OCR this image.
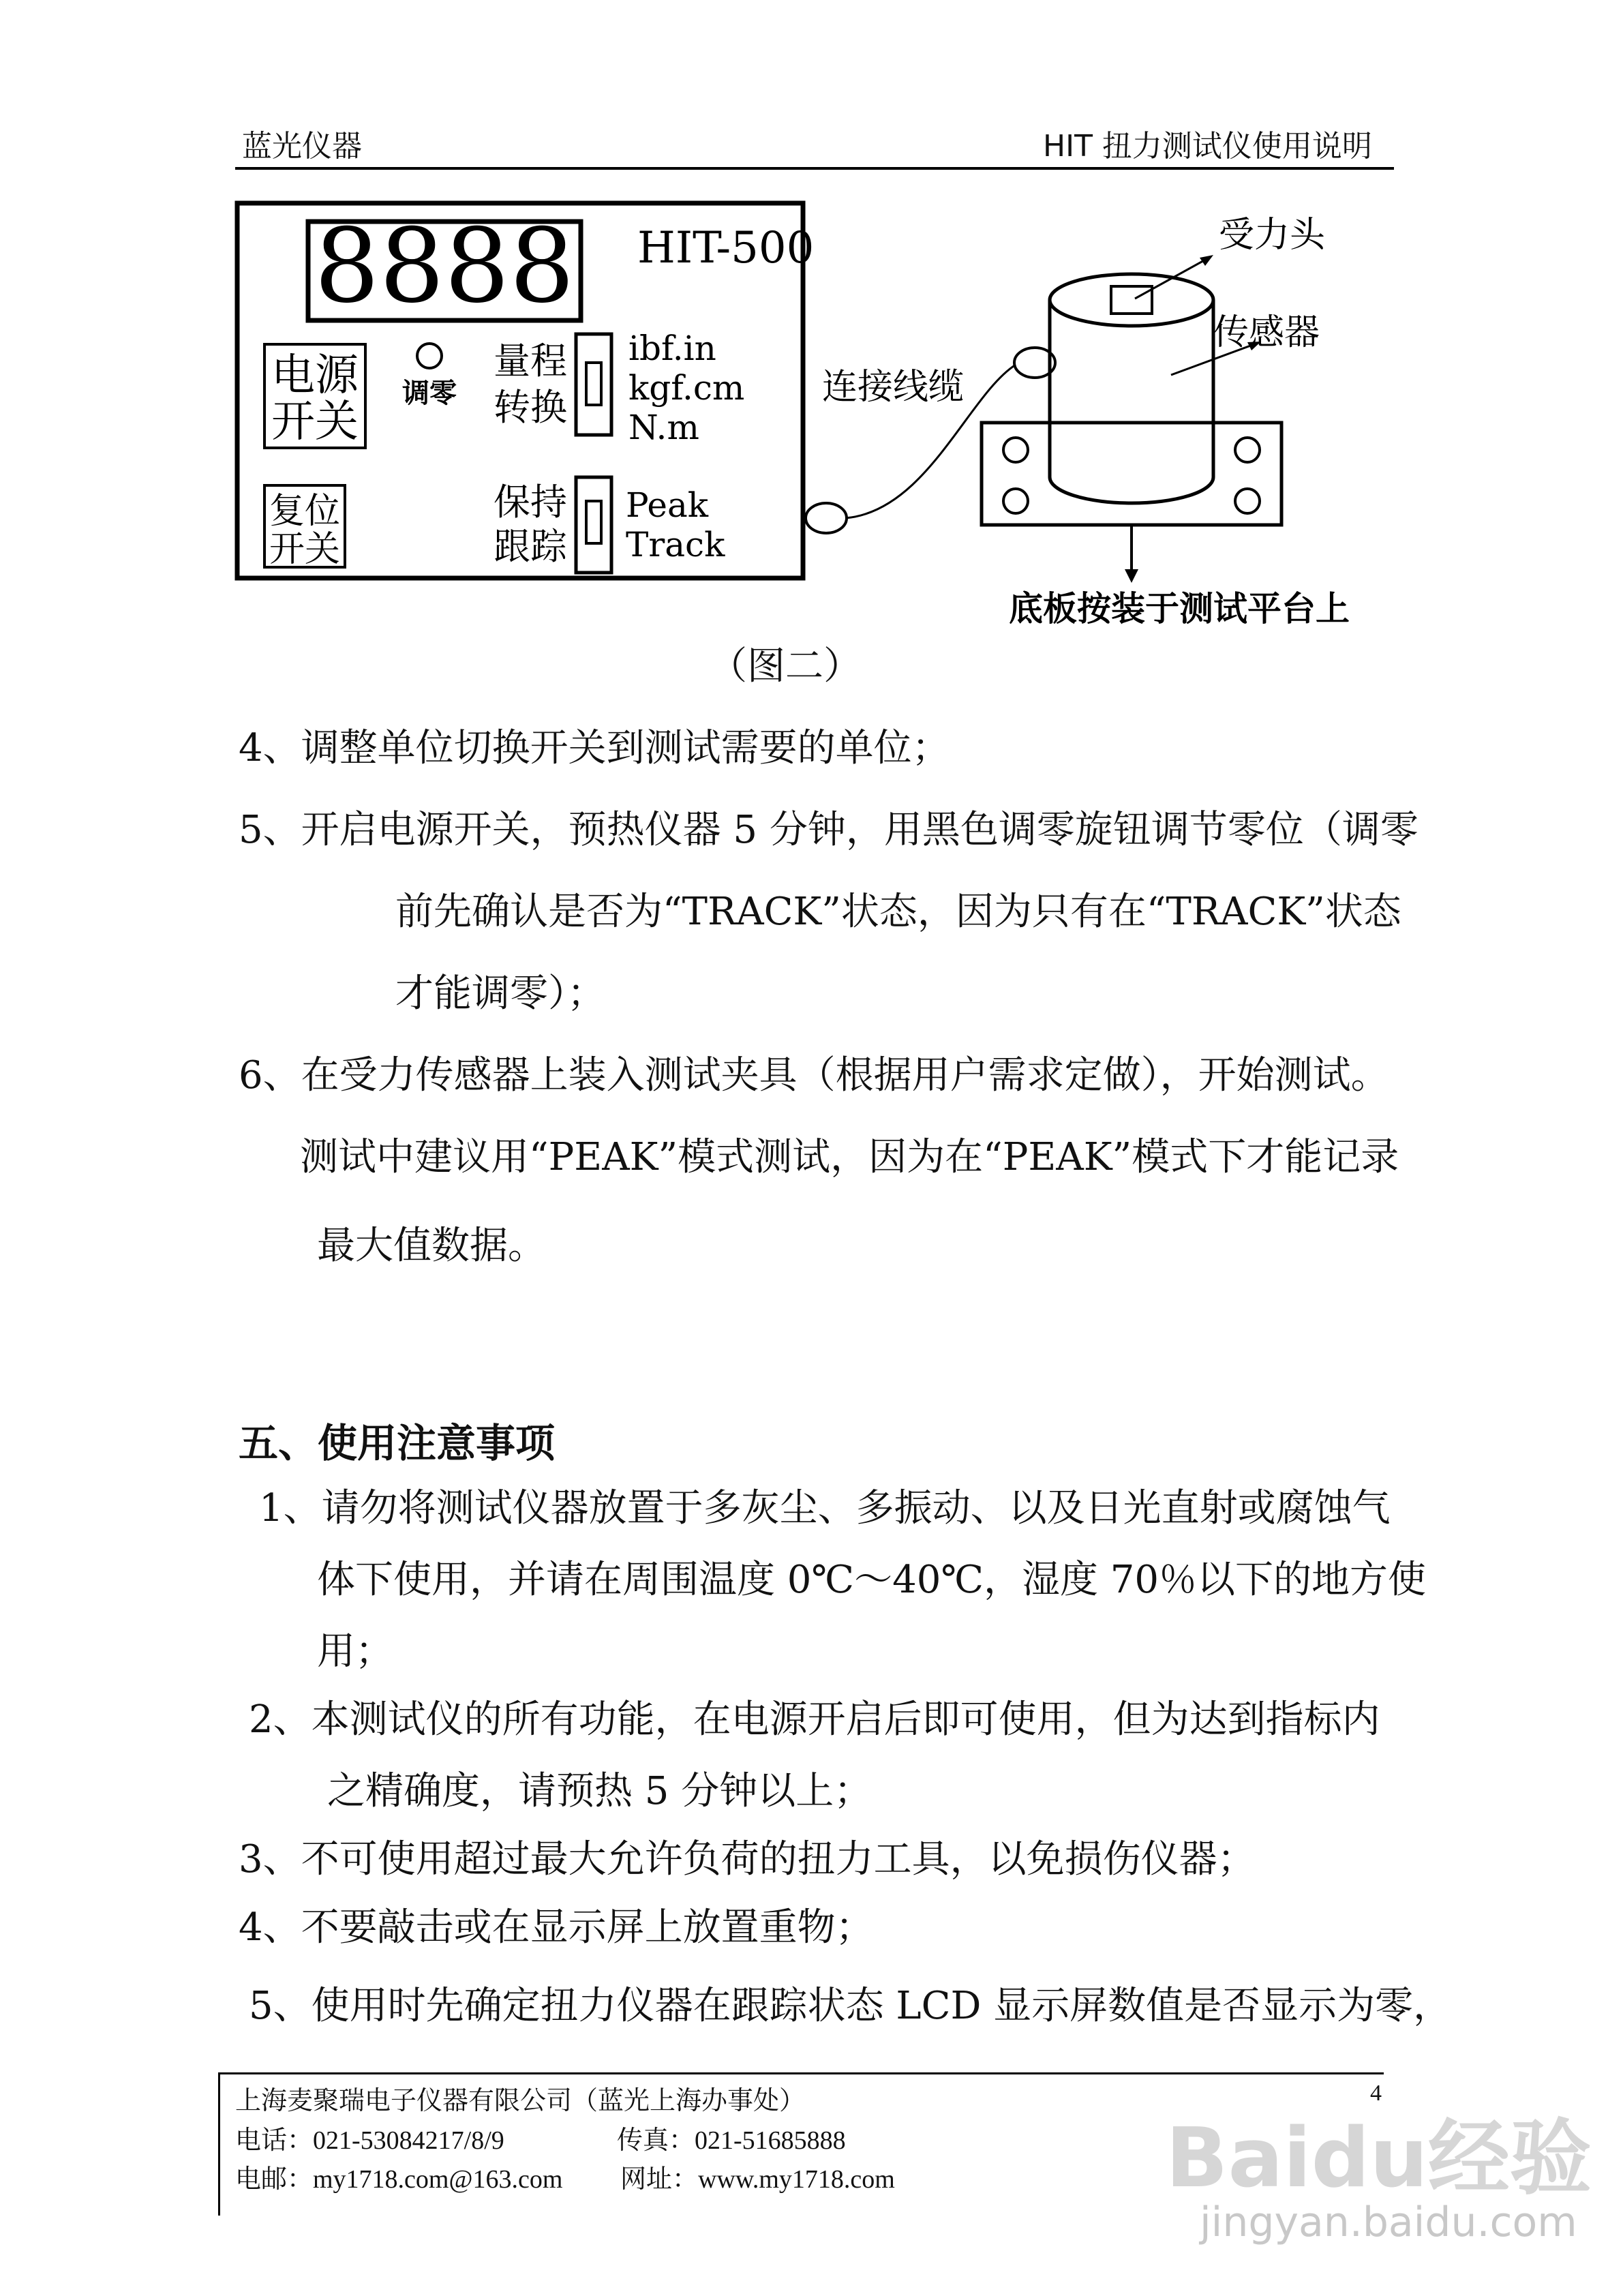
蓝光仪器	HIT 扭力测试仪使用说明
8888 HIT-500
电源
开关
调零
量程
转换
ibf.in
kgf.cm
N.m
复位
开关
保持
跟踪
Peak
Track
连接线缆
受力头
传感器
底板按装于测试平台上
（图二）
4、调整单位切换开关到测试需要的单位；
5、开启电源开关，预热仪器 5 分钟，用黑色调零旋钮调节零位（调零
前先确认是否为“TRACK”状态，因为只有在“TRACK”状态
才能调零）；
6、在受力传感器上装入测试夹具（根据用户需求定做），开始测试。
测试中建议用“PEAK”模式测试，因为在“PEAK”模式下才能记录
最大值数据。
五、使用注意事项
1、请勿将测试仪器放置于多灰尘、多振动、以及日光直射或腐蚀气
体下使用，并请在周围温度 0℃～40℃，湿度 70％以下的地方使
用；
2、本测试仪的所有功能，在电源开启后即可使用，但为达到指标内
之精确度，请预热 5 分钟以上；
3、不可使用超过最大允许负荷的扭力工具，以免损伤仪器；
4、不要敲击或在显示屏上放置重物；
5、使用时先确定扭力仪器在跟踪状态 LCD 显示屏数值是否显示为零，
上海麦聚瑞电子仪器有限公司（蓝光上海办事处）
电话：021-53084217/8/9	传真：021-51685888
电邮：my1718.com@163.com 网址：www.my1718.com
4
Baidu经验
jingyan.baidu.com
